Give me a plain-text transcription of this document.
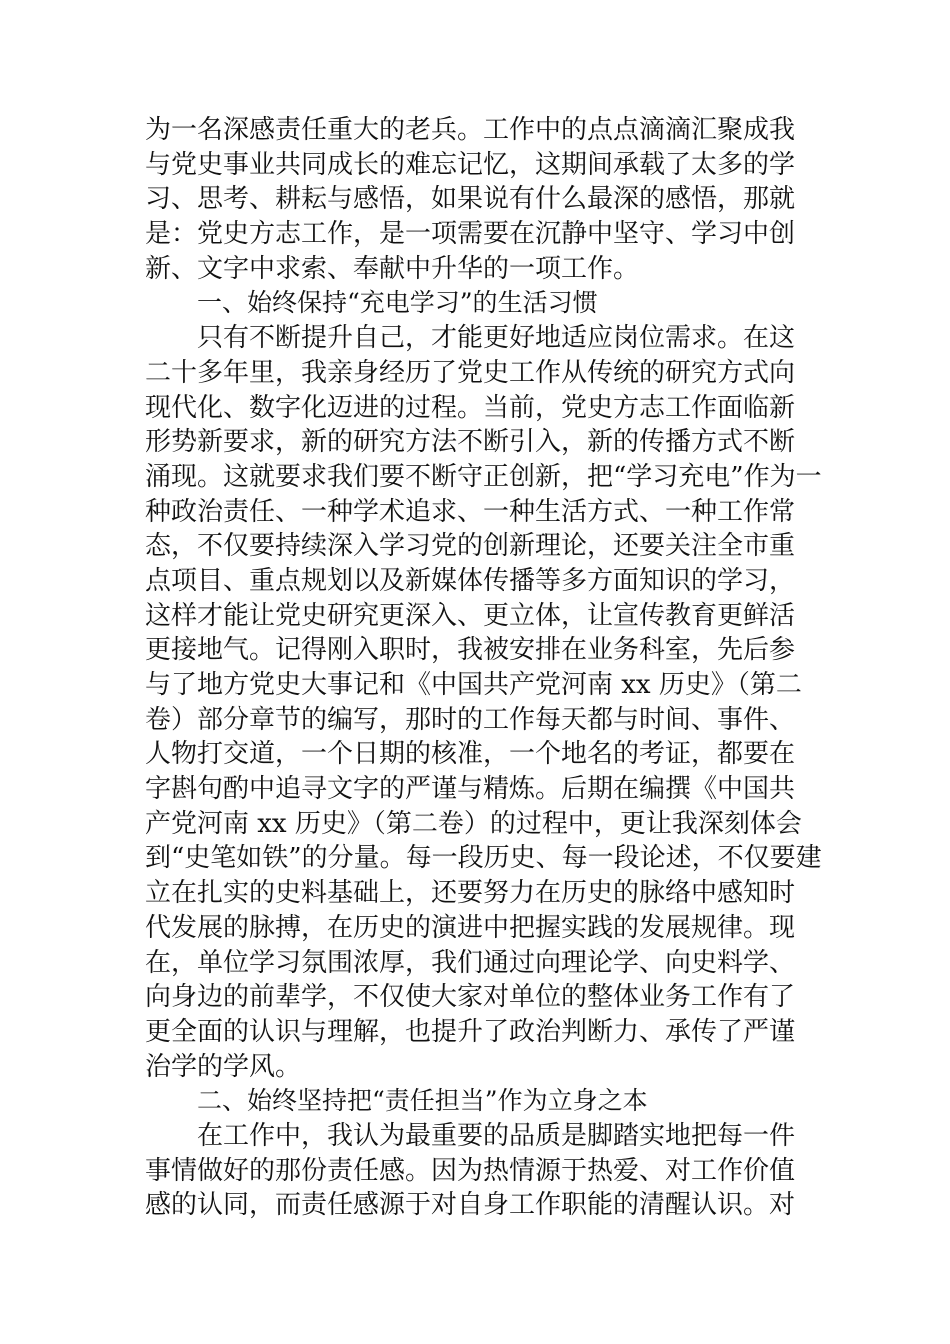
为一名深感责任重大的老兵。工作中的点点滴滴汇聚成我
与党史事业共同成长的难忘记忆，这期间承载了太多的学
习、思考、耕耘与感悟，如果说有什么最深的感悟，那就
是：党史方志工作，是一项需要在沉静中坚守、学习中创
新、文字中求索、奉献中升华的一项工作。
一、始终保持“充电学习”的生活习惯
只有不断提升自己，才能更好地适应岗位需求。在这
二十多年里，我亲身经历了党史工作从传统的研究方式向
现代化、数字化迈进的过程。当前，党史方志工作面临新
形势新要求，新的研究方法不断引入，新的传播方式不断
涌现。这就要求我们要不断守正创新，把“学习充电”作为一
种政治责任、一种学术追求、一种生活方式、一种工作常
态，不仅要持续深入学习党的创新理论，还要关注全市重
点项目、重点规划以及新媒体传播等多方面知识的学习，
这样才能让党史研究更深入、更立体，让宣传教育更鲜活
更接地气。记得刚入职时，我被安排在业务科室，先后参
与了地方党史大事记和《中国共产党河南 xx 历史》（第二
卷）部分章节的编写，那时的工作每天都与时间、事件、
人物打交道，一个日期的核准，一个地名的考证，都要在
字斟句酌中追寻文字的严谨与精炼。后期在编撰《中国共
产党河南 xx 历史》（第二卷）的过程中，更让我深刻体会
到“史笔如铁”的分量。每一段历史、每一段论述，不仅要建
立在扎实的史料基础上，还要努力在历史的脉络中感知时
代发展的脉搏，在历史的演进中把握实践的发展规律。现
在，单位学习氛围浓厚，我们通过向理论学、向史料学、
向身边的前辈学，不仅使大家对单位的整体业务工作有了
更全面的认识与理解，也提升了政治判断力、承传了严谨
治学的学风。
二、始终坚持把“责任担当”作为立身之本
在工作中，我认为最重要的品质是脚踏实地把每一件
事情做好的那份责任感。因为热情源于热爱、对工作价值
感的认同，而责任感源于对自身工作职能的清醒认识。对
